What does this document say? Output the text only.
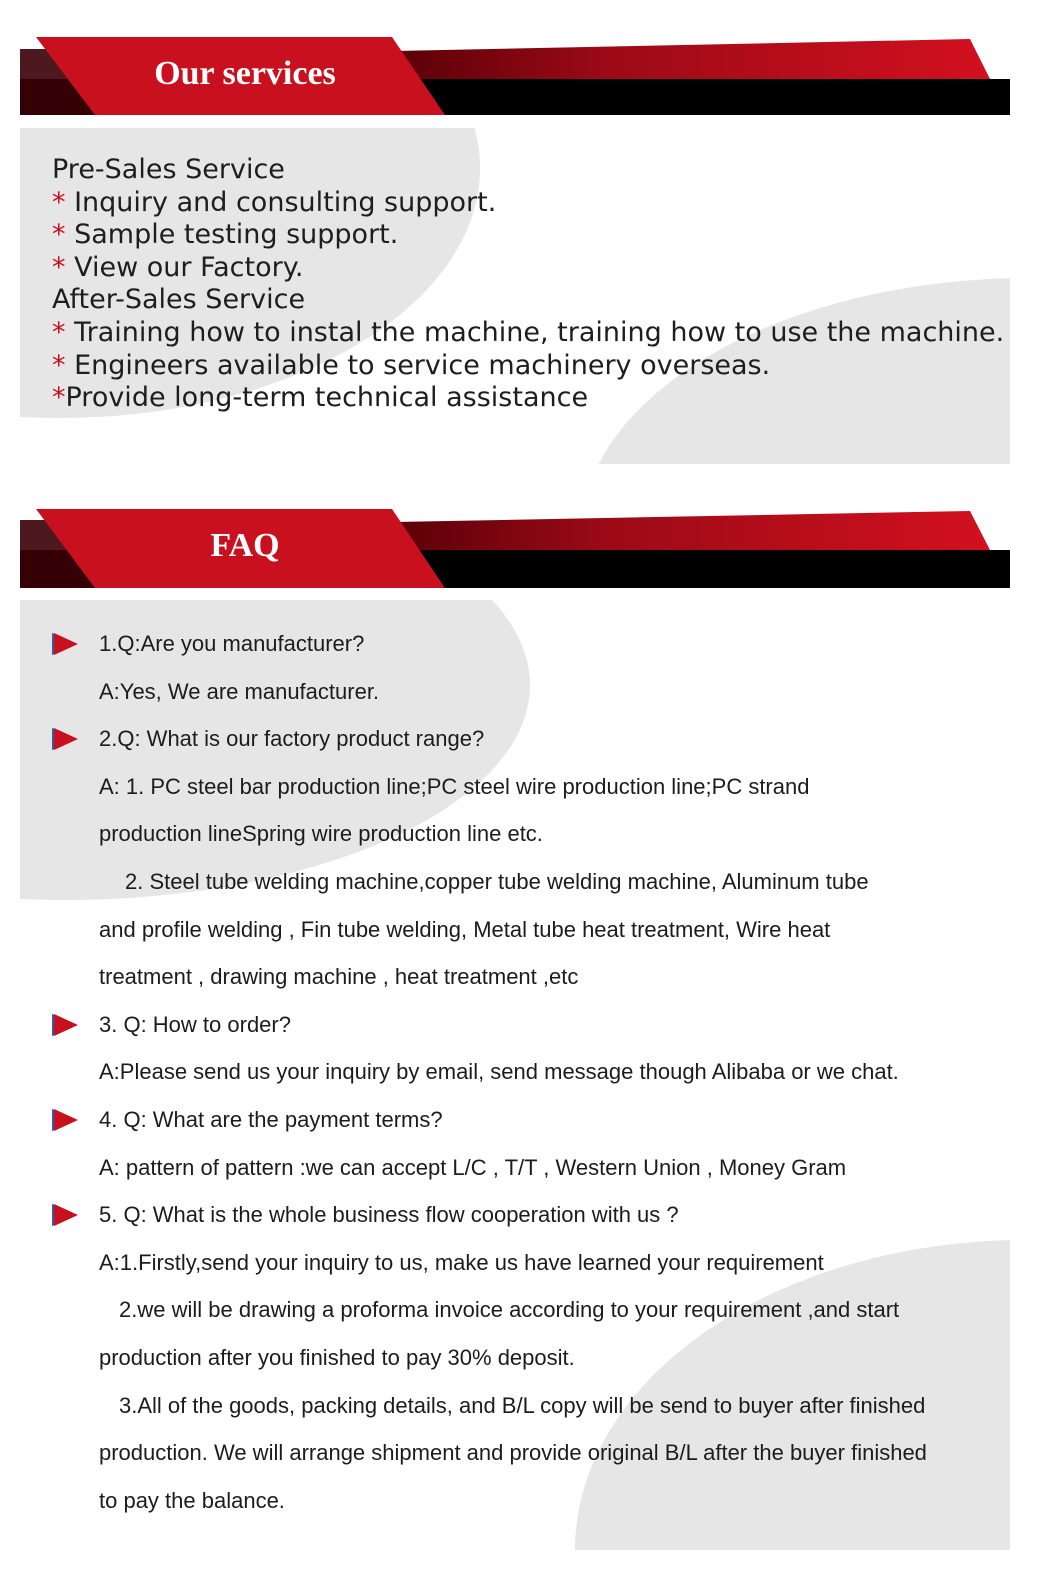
Our services
Pre-Sales Service
* Inquiry and consulting support.
* Sample testing support.
* View our Factory.
After-Sales Service
* Training how to instal the machine, training how to use the machine.
* Engineers available to service machinery overseas.
*Provide long-term technical assistance
FAQ
1.Q:Are you manufacturer?
A:Yes, We are manufacturer.
2.Q: What is our factory product range?
A: 1. PC steel bar production line;PC steel wire production line;PC strand
production lineSpring wire production line etc.
2. Steel tube welding machine,copper tube welding machine, Aluminum tube
and profile welding , Fin tube welding, Metal tube heat treatment, Wire heat
treatment , drawing machine , heat treatment ,etc
3. Q: How to order?
A:Please send us your inquiry by email, send message though Alibaba or we chat.
4. Q: What are the payment terms?
A: pattern of pattern :we can accept L/C , T/T , Western Union , Money Gram
5. Q: What is the whole business flow cooperation with us ?
A:1.Firstly,send your inquiry to us, make us have learned your requirement
2.we will be drawing a proforma invoice according to your requirement ,and start
production after you finished to pay 30% deposit.
3.All of the goods, packing details, and B/L copy will be send to buyer after finished
production. We will arrange shipment and provide original B/L after the buyer finished
to pay the balance.
